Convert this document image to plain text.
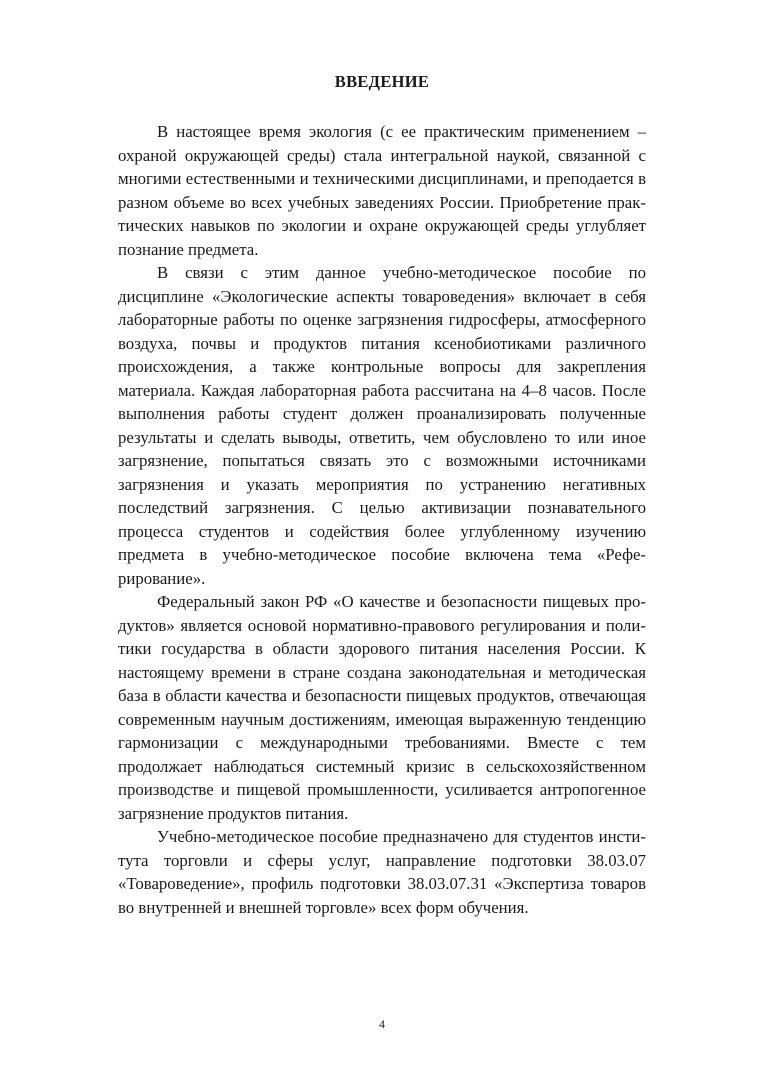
ВВЕДЕНИЕ

В настоящее время экология (с ее практическим применением – охраной окружающей среды) стала интегральной наукой, связанной с многими естественными и техническими дисциплинами, и преподается в разном объеме во всех учебных заведениях России. Приобретение практических навыков по экологии и охране окружающей среды углубляет познание предмета.

В связи с этим данное учебно-методическое пособие по дисциплине «Экологические аспекты товароведения» включает в себя лабораторные работы по оценке загрязнения гидросферы, атмосферного воздуха, почвы и продуктов питания ксенобиотиками различного происхождения, а также контрольные вопросы для закрепления материала. Каждая лабораторная работа рассчитана на 4–8 часов. После выполнения работы студент должен проанализировать полученные результаты и сделать выводы, ответить, чем обусловлено то или иное загрязнение, попытаться связать это с возможными источниками загрязнения и указать мероприятия по устранению негативных последствий загрязнения. С целью активизации познавательного процесса студентов и содействия более углубленному изучению предмета в учебно-методическое пособие включена тема «Реферирование».

Федеральный закон РФ «О качестве и безопасности пищевых продуктов» является основой нормативно-правового регулирования и политики государства в области здорового питания населения России. К настоящему времени в стране создана законодательная и методическая база в области качества и безопасности пищевых продуктов, отвечающая современным научным достижениям, имеющая выраженную тенденцию гармонизации с международными требованиями. Вместе с тем продолжает наблюдаться системный кризис в сельскохозяйственном производстве и пищевой промышленности, усиливается антропогенное загрязнение продуктов питания.

Учебно-методическое пособие предназначено для студентов института торговли и сферы услуг, направление подготовки 38.03.07 «Товароведение», профиль подготовки 38.03.07.31 «Экспертиза товаров во внутренней и внешней торговле» всех форм обучения.

4
